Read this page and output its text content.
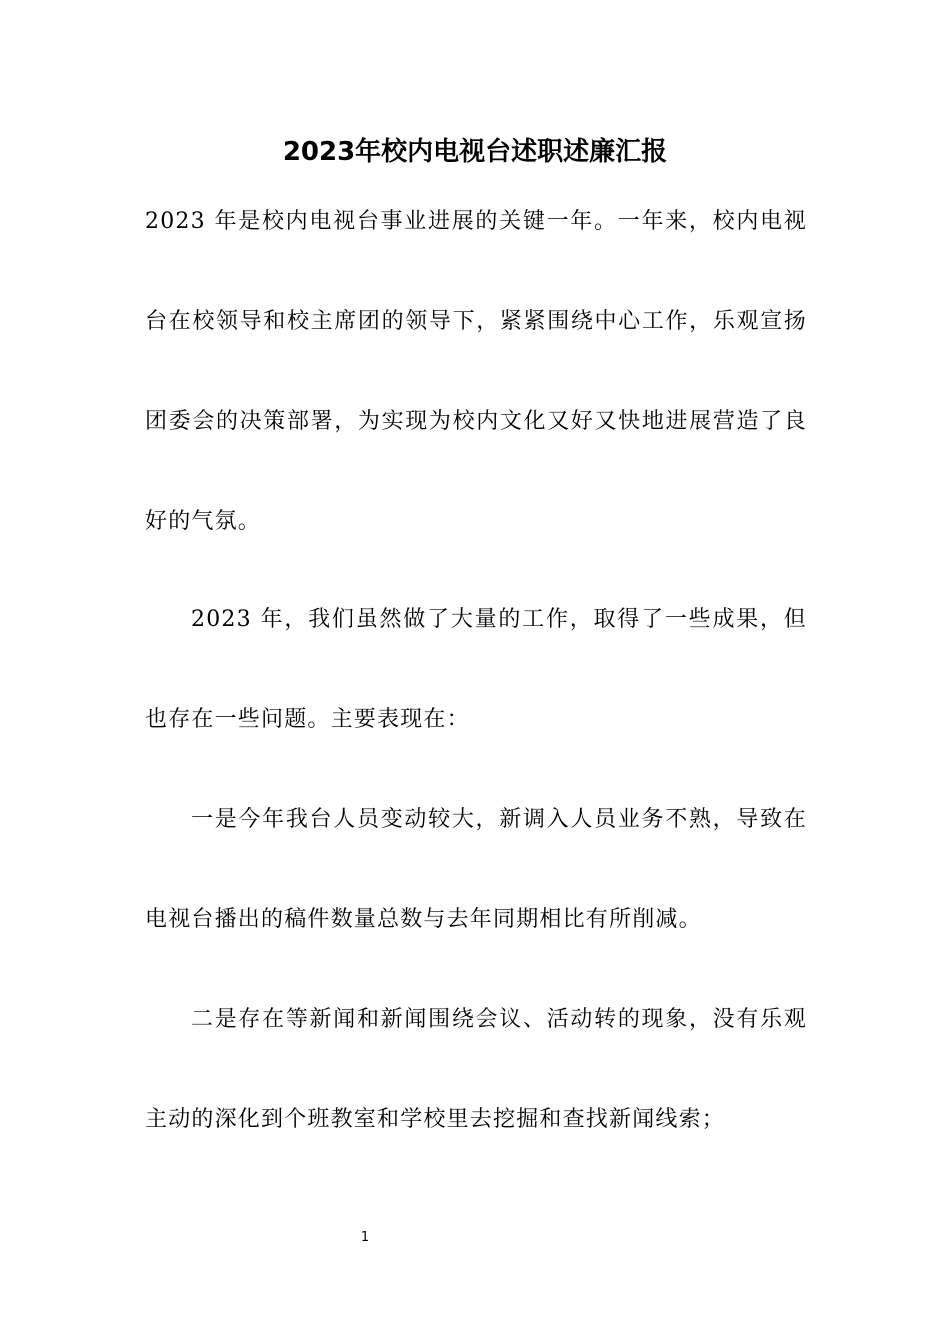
2023年校内电视台述职述廉汇报

2023 年是校内电视台事业进展的关键一年。一年来，校内电视台在校领导和校主席团的领导下，紧紧围绕中心工作，乐观宣扬团委会的决策部署，为实现为校内文化又好又快地进展营造了良好的气氛。

2023 年，我们虽然做了大量的工作，取得了一些成果，但也存在一些问题。主要表现在：

一是今年我台人员变动较大，新调入人员业务不熟，导致在电视台播出的稿件数量总数与去年同期相比有所削减。

二是存在等新闻和新闻围绕会议、活动转的现象，没有乐观主动的深化到个班教室和学校里去挖掘和查找新闻线索；

1
